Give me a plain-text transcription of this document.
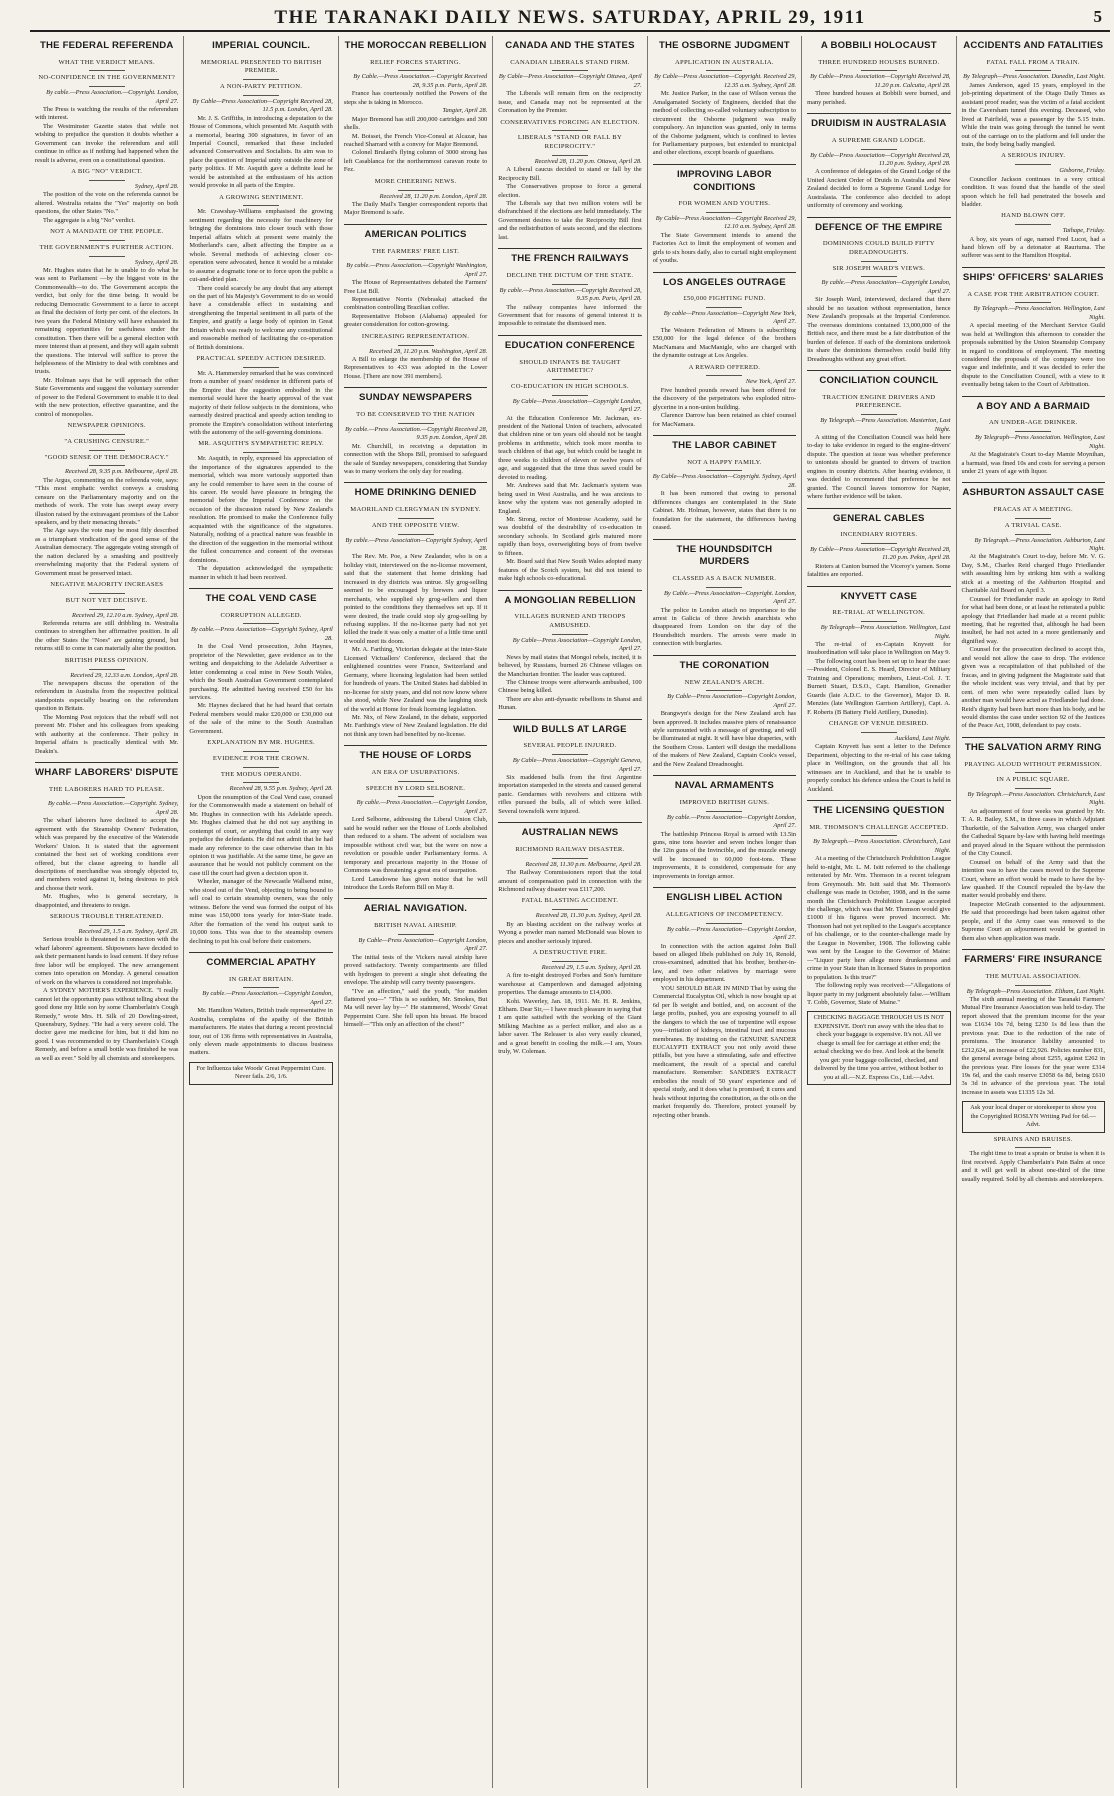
THE TARANAKI DAILY NEWS. SATURDAY, APRIL 29, 1911	5
THE FEDERAL REFERENDA
WHAT THE VERDICT MEANS.
NO-CONFIDENCE IN THE GOVERNMENT?
By cable.—Press Association.—Copyright. London, April 27.
The Press is watching the results of the referendum with interest.
The Westminster Gazette states that while not wishing to prejudice the question it doubts whether a Government can invoke the referendum and still continue in office as if nothing had happened when the result is adverse, even on a constitutional question.
A BIG "NO" VERDICT.
Sydney, April 28.
The position of the vote on the referenda cannot be altered. Westralia retains the "Yes" majority on both questions, the other States "No."
The aggregate is a big "No" verdict.
NOT A MANDATE OF THE PEOPLE.
THE GOVERNMENT'S FURTHER ACTION.
Sydney, April 28.
Mr. Hughes states that he is unable to do what he was sent to Parliament —by the biggest vote in the Commonwealth—to do. The Government accepts the verdict, but only for the time being. It would be reducing Democratic Government to a farce to accept as final the decision of forty per cent. of the electors. In two years the Federal Ministry will have exhausted its remaining opportunities for usefulness under the constitution. Then there will be a general election with more interest than at present, and they will again submit the questions. The interval will suffice to prove the helplessness of the Ministry to deal with combines and trusts.
Mr. Holman says that he will approach the other State Governments and suggest the voluntary surrender of power to the Federal Government to enable it to deal with the new protection, effective quarantine, and the control of monopolies.
NEWSPAPER OPINIONS.
"A CRUSHING CENSURE."
"GOOD SENSE OF THE DEMOCRACY."
Received 28, 9.35 p.m. Melbourne, April 28.
The Argus, commenting on the referenda vote, says: "This most emphatic verdict conveys a crushing censure on the Parliamentary majority and on the methods of work. The vote has swept away every illusion raised by the extravagant promises of the Labor speakers, and by their menacing threats."
The Age says the vote may be most fitly described as a triumphant vindication of the good sense of the Australian democracy. The aggregate voting strength of the nation declared by a smashing and positively overwhelming majority that the Federal system of Government must be preserved intact.
NEGATIVE MAJORITY INCREASES
BUT NOT YET DECISIVE.
Received 29, 12.10 a.m. Sydney, April 28.
Referenda returns are still dribbling in. Westralia continues to strengthen her affirmative position. In all the other States the "Noes" are gaining ground, but returns still to come in can materially alter the position.
BRITISH PRESS OPINION.
Received 29, 12.33 a.m. London, April 28.
The newspapers discuss the operation of the referendum in Australia from the respective political standpoints especially bearing on the referendum question in Britain.
The Morning Post rejoices that the rebuff will not prevent Mr. Fisher and his colleagues from speaking with authority at the conference. Their policy in Imperial affairs is practically identical with Mr. Deakin's.
WHARF LABORERS' DISPUTE
THE LABORERS HARD TO PLEASE.
By cable.—Press Association.—Copyright. Sydney, April 28.
The wharf laborers have declined to accept the agreement with the Steamship Owners' Federation, which was prepared by the executive of the Waterside Workers' Union. It is stated that the agreement contained the best set of working conditions ever offered, but the clause agreeing to handle all descriptions of merchandise was strongly objected to, and members voted against it, being desirous to pick and choose their work.
Mr. Hughes, who is general secretary, is disappointed, and threatens to resign.
SERIOUS TROUBLE THREATENED.
Received 29, 1.5 a.m. Sydney, April 28.
Serious trouble is threatened in connection with the wharf laborers' agreement. Shipowners have decided to ask their permanent hands to load cement. If they refuse free labor will be employed. The new arrangement comes into operation on Monday. A general cessation of work on the wharves is considered not improbable.
A SYDNEY MOTHER'S EXPERIENCE. "I really cannot let the opportunity pass without telling about the good done my little son by some Chamberlain's Cough Remedy," wrote Mrs. H. Silk of 20 Dowling-street, Queensbury, Sydney. "He had a very severe cold. The doctor gave me medicine for him, but it did him no good. I was recommended to try Chamberlain's Cough Remedy, and before a small bottle was finished he was as well as ever." Sold by all chemists and storekeepers.
IMPERIAL COUNCIL.
MEMORIAL PRESENTED TO BRITISH PREMIER.
A NON-PARTY PETITION.
By Cable—Press Association—Copyright Received 28, 11.5 p.m. London, April 28.
Mr. J. S. Griffiths, in introducing a deputation to the House of Commons, which presented Mr. Asquith with a memorial, bearing 300 signatures, in favor of an Imperial Council, remarked that these included advanced Conservatives and Socialists. Its aim was to place the question of Imperial unity outside the zone of party politics. If Mr. Asquith gave a definite lead he would be astonished at the enthusiasm of his action would provoke in all parts of the Empire.
A GROWING SENTIMENT.
Mr. Crawshay-Williams emphasised the growing sentiment regarding the necessity for machinery for bringing the dominions into closer touch with those Imperial affairs which at present were mainly the Motherland's care, albeit affecting the Empire as a whole. Several methods of achieving closer co-operation were advocated, hence it would be a mistake to assume a dogmatic tone or to force upon the public a cut-and-dried plan.
There could scarcely be any doubt that any attempt on the part of his Majesty's Government to do so would have a considerable effect in sustaining and strengthening the Imperial sentiment in all parts of the Empire, and gratify a large body of opinion in Great Britain which was ready to welcome any constitutional and reasonable method of facilitating the co-operation of British dominions.
PRACTICAL SPEEDY ACTION DESIRED.
Mr. A. Hammersley remarked that he was convinced from a number of years' residence in different parts of the Empire that the suggestion embodied in the memorial would have the hearty approval of the vast majority of their fellow subjects in the dominions, who earnestly desired practical and speedy action tending to promote the Empire's consolidation without interfering with the autonomy of the self-governing dominions.
MR. ASQUITH'S SYMPATHETIC REPLY.
Mr. Asquith, in reply, expressed his appreciation of the importance of the signatures appended to the memorial, which was more variously supported than any he could remember to have seen in the course of his career. He would have pleasure in bringing the memorial before the Imperial Conference on the occasion of the discussion raised by New Zealand's resolution. He promised to make the Conference fully acquainted with the significance of the signatures. Naturally, nothing of a practical nature was feasible in the direction of the suggestion in the memorial without the fullest concurrence and consent of the overseas dominions.
The deputation acknowledged the sympathetic manner in which it had been received.
THE COAL VEND CASE
CORRUPTION ALLEGED.
By cable.—Press Association—Copyright Sydney, April 28.
In the Coal Vend prosecution, John Haynes, proprietor of the Newsletter, gave evidence as to the writing and despatching to the Adelaide Advertiser a letter condemning a coal mine in New South Wales, which the South Australian Government contemplated purchasing. He admitted having received £50 for his services.
Mr. Haynes declared that he had heard that certain Federal members would make £20,000 or £30,000 out of the sale of the mine to the South Australian Government.
EXPLANATION BY MR. HUGHES.
EVIDENCE FOR THE CROWN.
THE MODUS OPERANDI.
Received 28, 9.55 p.m. Sydney, April 28.
Upon the resumption of the Coal Vend case, counsel for the Commonwealth made a statement on behalf of Mr. Hughes in connection with his Adelaide speech. Mr. Hughes claimed that he did not say anything in contempt of court, or anything that could in any way prejudice the defendants. He did not admit that he had made any reference to the case otherwise than in his opinion it was justifiable. At the same time, he gave an assurance that he would not publicly comment on the case till the court had given a decision upon it.
Wheeler, manager of the Newcastle Wallsend mine, who stood out of the Vend, objecting to being bound to sell coal to certain steamship owners, was the only witness. Before the vend was formed the output of his mine was 150,000 tons yearly for inter-State trade. After the formation of the vend his output sank to 10,000 tons. This was due to the steamship owners declining to put his coal before their customers.
COMMERCIAL APATHY
IN GREAT BRITAIN.
By cable.—Press Association.—Copyright London, April 27.
Mr. Hamilton Watters, British trade representative in Australia, complains of the apathy of the British manufacturers. He states that during a recent provincial tour, out of 136 firms with representatives in Australia, only eleven made appointments to discuss business matters.
For Influenza take Woods' Great Peppermint Cure. Never fails. 2/6, 1/6.
THE MOROCCAN REBELLION
RELIEF FORCES STARTING.
By Cable.—Press Association.—Copyright Received 28, 9.35 p.m. Paris, April 28.
France has courteously notified the Powers of the steps she is taking in Morocco.
Tangier, April 28.
Major Bremond has still 200,000 cartridges and 300 shells.
M. Boisset, the French Vice-Consul at Alcazar, has reached Sharrard with a convoy for Major Bremond.
Colonel Brulard's flying column of 3000 strong has left Casablanca for the northernmost caravan route to Fez.
MORE CHEERING NEWS.
Received 28, 11.20 p.m. London, April 28.
The Daily Mail's Tangier correspondent reports that Major Bremond is safe.
AMERICAN POLITICS
THE FARMERS' FREE LIST.
By cable.—Press Association.—Copyright Washington, April 27.
The House of Representatives debated the Farmers' Free List Bill.
Representative Norris (Nebraska) attacked the combination controlling Brazilian coffee.
Representative Hobson (Alabama) appealed for greater consideration for cotton-growing.
INCREASING REPRESENTATION.
Received 28, 11.20 p.m. Washington, April 28.
A Bill to enlarge the membership of the House of Representatives to 433 was adopted in the Lower House. [There are now 391 members].
SUNDAY NEWSPAPERS
TO BE CONSERVED TO THE NATION
By cable.—Press Association.—Copyright Received 28, 9.35 p.m. London, April 28.
Mr. Churchill, in receiving a deputation in connection with the Shops Bill, promised to safeguard the sale of Sunday newspapers, considering that Sunday was to many workers the only day for reading.
HOME DRINKING DENIED
MAORILAND CLERGYMAN IN SYDNEY.
AND THE OPPOSITE VIEW.
By cable.—Press Association—Copyright Sydney, April 28.
The Rev. Mr. Poe, a New Zealander, who is on a holiday visit, interviewed on the no-license movement, said that the statement that home drinking had increased in dry districts was untrue. Sly grog-selling seemed to be encouraged by brewers and liquor merchants, who supplied sly grog-sellers and then pointed to the conditions they themselves set up. If it were desired, the trade could stop sly grog-selling by refusing supplies. If the no-license party had not yet killed the trade it was only a matter of a little time until it would meet its doom.
Mr. A. Farthing, Victorian delegate at the inter-State Licensed Victuallers' Conference, declared that the enlightened countries were France, Switzerland and Germany, where licensing legislation had been settled for hundreds of years. The United States had dabbled in no-license for sixty years, and did not now know where she stood, while New Zealand was the laughing stock of the world at Home for freak licensing legislation.
Mr. Nix, of New Zealand, in the debate, supported Mr. Farthing's view of New Zealand legislation. He did not think any town had benefited by no-license.
THE HOUSE OF LORDS
AN ERA OF USURPATIONS.
SPEECH BY LORD SELBORNE.
By cable.—Press Association.—Copyright London, April 27.
Lord Selborne, addressing the Liberal Union Club, said he would rather see the House of Lords abolished than reduced to a sham. The advent of socialism was impossible without civil war, but the were on now a revolution or possible under Parliamentary forms. A temporary and precarious majority in the House of Commons was threatening a great era of usurpation.
Lord Lansdowne has given notice that he will introduce the Lords Reform Bill on May 8.
AERIAL NAVIGATION.
BRITISH NAVAL AIRSHIP.
By Cable—Press Association—Copyright London, April 27.
The initial tests of the Vickers naval airship have proved satisfactory. Twenty compartments are filled with hydrogen to prevent a single shot defeating the envelope. The airship will carry twenty passengers.
"I've an affection," said the youth, "for maiden flattered you—" "This is so sudden, Mr. Smokes, But Ma will never lay by—" He stammered, Woods' Great Peppermint Cure. She fell upon his breast. He braced himself—"This only an affection of the chest!"
CANADA AND THE STATES
CANADIAN LIBERALS STAND FIRM.
By Cable—Press Association—Copyright Ottawa, April 27.
The Liberals will remain firm on the reciprocity issue, and Canada may not be represented at the Coronation by the Premier.
CONSERVATIVES FORCING AN ELECTION.
LIBERALS "STAND OR FALL BY RECIPROCITY."
Received 28, 11.20 p.m. Ottawa, April 28.
A Liberal caucus decided to stand or fall by the Reciprocity Bill.
The Conservatives propose to force a general election.
The Liberals say that two million voters will be disfranchised if the elections are held immediately. The Government desires to take the Reciprocity Bill first and the redistribution of seats second, and the elections last.
THE FRENCH RAILWAYS
DECLINE THE DICTUM OF THE STATE.
By cable.—Press Association.—Copyright Received 28, 9.35 p.m. Paris, April 28.
The railway companies have informed the Government that for reasons of general interest it is impossible to reinstate the dismissed men.
EDUCATION CONFERENCE
SHOULD INFANTS BE TAUGHT ARITHMETIC?
CO-EDUCATION IN HIGH SCHOOLS.
By Cable—Press Association—Copyright London, April 27.
At the Education Conference Mr. Jackman, ex-president of the National Union of teachers, advocated that children nine or ten years old should not be taught problems in arithmetic, which took more months to teach children of that age, but which could be taught in three weeks to children of eleven or twelve years of age, and suggested that the time thus saved could be devoted to reading.
Mr. Andrews said that Mr. Jackman's system was being used in West Australia, and he was anxious to know why the system was not generally adopted in England.
Mr. Strong, rector of Montrose Academy, said he was doubtful of the desirability of co-education in secondary schools. In Scotland girls matured more rapidly than boys, overweighting boys of from twelve to fifteen.
Mr. Board said that New South Wales adopted many features of the Scotch system, but did not intend to make high schools co-educational.
A MONGOLIAN REBELLION
VILLAGES BURNED AND TROOPS AMBUSHED.
By Cable—Press Association—Copyright London, April 27.
News by mail states that Mongol rebels, incited, it is believed, by Russians, burned 26 Chinese villages on the Manchurian frontier. The leader was captured.
The Chinese troops were afterwards ambushed, 100 Chinese being killed.
There are also anti-dynastic rebellions in Shansi and Hunan.
WILD BULLS AT LARGE
SEVERAL PEOPLE INJURED.
By Cable—Press Association—Copyright Geneva, April 27.
Six maddened bulls from the first Argentine importation stampeded in the streets and caused general panic. Gendarmes with revolvers and citizens with rifles pursued the bulls, all of which were killed. Several townsfolk were injured.
AUSTRALIAN NEWS
RICHMOND RAILWAY DISASTER.
Received 28, 11.30 p.m. Melbourne, April 28.
The Railway Commissioners report that the total amount of compensation paid in connection with the Richmond railway disaster was £117,200.
FATAL BLASTING ACCIDENT.
Received 28, 11.30 p.m. Sydney, April 28.
By an blasting accident on the railway works at Wyong a powder man named McDonald was blown to pieces and another seriously injured.
A DESTRUCTIVE FIRE.
Received 29, 1.5 a.m. Sydney, April 28.
A fire to-night destroyed Forbes and Son's furniture warehouse at Camperdown and damaged adjoining properties. The damage amounts to £14,000.
Kohi. Waverley, Jan. 18, 1911. Mr. H. R. Jenkins, Eltham. Dear Sir,— I have much pleasure in saying that I am quite satisfied with the working of the Giant Milking Machine as a perfect milker, and also as a labor saver. The Releaser is also very easily cleaned, and a great benefit in cooling the milk.—I am, Yours truly, W. Coleman.
THE OSBORNE JUDGMENT
APPLICATION IN AUSTRALIA.
By Cable—Press Association—Copyright. Received 29, 12.35 a.m. Sydney, April 28.
Mr. Justice Parker, in the case of Wilson versus the Amalgamated Society of Engineers, decided that the method of collecting so-called voluntary subscription to circumvent the Osborne judgment was really compulsory. An injunction was granted, only in terms of the Osborne judgment, which is confined to levies for Parliamentary purposes, but extended to municipal and other elections, except boards of guardians.
IMPROVING LABOR CONDITIONS
FOR WOMEN AND YOUTHS.
By Cable—Press Association—Copyright Received 29, 12.10 a.m. Sydney, April 28.
The State Government intends to amend the Factories Act to limit the employment of women and girls to six hours daily, also to curtail night employment of youths.
LOS ANGELES OUTRAGE
£50,000 FIGHTING FUND.
By cable—Press Association—Copyright New York, April 27.
The Western Federation of Miners is subscribing £50,000 for the legal defence of the brothers MacNamara and MacManigle, who are charged with the dynamite outrage at Los Angeles.
A REWARD OFFERED.
New York, April 27.
Five hundred pounds reward has been offered for the discovery of the perpetrators who exploded nitro-glycerine in a non-union building.
Clarence Darrow has been retained as chief counsel for MacNamara.
THE LABOR CABINET
NOT A HAPPY FAMILY.
By Cable—Press Association—Copyright. Sydney, April 28.
It has been rumored that owing to personal differences changes are contemplated in the State Cabinet. Mr. Holman, however, states that there is no foundation for the statement, the differences having ceased.
THE HOUNDSDITCH MURDERS
CLASSED AS A BACK NUMBER.
By Cable.—Press Association—Copyright. London, April 27.
The police in London attach no importance to the arrest in Galicia of three Jewish anarchists who disappeared from London on the day of the Houndsditch murders. The arrests were made in connection with burglaries.
THE CORONATION
NEW ZEALAND'S ARCH.
By Cable—Press Association—Copyright London, April 27.
Brangwyn's design for the New Zealand arch has been approved. It includes massive piers of renaissance style surmounted with a message of greeting, and will be illuminated at night. It will have blue draperies, with the Southern Cross. Lanteri will design the medallions of the makers of New Zealand, Captain Cook's vessel, and the New Zealand Dreadnought.
NAVAL ARMAMENTS
IMPROVED BRITISH GUNS.
By cable.—Press Association—Copyright London, April 27.
The battleship Princess Royal is armed with 13.5in guns, nine tons heavier and seven inches longer than the 12in guns of the Invincible, and the muzzle energy will be increased to 60,000 foot-tons. These improvements, it is considered, compensate for any improvements in foreign armor.
ENGLISH LIBEL ACTION
ALLEGATIONS OF INCOMPETENCY.
By cable.—Press Association—Copyright London, April 27.
In connection with the action against John Bull based on alleged libels published on July 16, Renold, cross-examined, admitted that his brother, brother-in-law, and two other relatives by marriage were employed in his department.
YOU SHOULD BEAR IN MIND That by using the Commercial Eucalyptus Oil, which is now bought up at 6d per lb weight and bottled, and, on account of the large profits, pushed, you are exposing yourself to all the dangers to which the use of turpentine will expose you—irritation of kidneys, intestinal tract and mucous membranes. By insisting on the GENUINE SANDER EUCALYPTI EXTRACT you not only avoid these pitfalls, but you have a stimulating, safe and effective medicament, the result of a special and careful manufacture. Remember: SANDER'S EXTRACT embodies the result of 50 years' experience and of special study, and it does what is promised; it cures and heals without injuring the constitution, as the oils on the market frequently do. Therefore, protect yourself by rejecting other brands.
A BOBBILI HOLOCAUST
THREE HUNDRED HOUSES BURNED.
By Cable—Press Association—Copyright Received 28, 11.20 p.m. Calcutta, April 28.
Three hundred houses at Bobbili were burned, and many perished.
DRUIDISM IN AUSTRALASIA
A SUPREME GRAND LODGE.
By Cable—Press Association—Copyright Received 28, 11.20 p.m. Sydney, April 28.
A conference of delegates of the Grand Lodge of the United Ancient Order of Druids in Australia and New Zealand decided to form a Supreme Grand Lodge for Australasia. The conference also decided to adopt uniformity of ceremony and working.
DEFENCE OF THE EMPIRE
DOMINIONS COULD BUILD FIFTY DREADNOUGHTS.
SIR JOSEPH WARD'S VIEWS.
By cable.—Press Association—Copyright London, April 27.
Sir Joseph Ward, interviewed, declared that there should be no taxation without representation, hence New Zealand's proposals at the Imperial Conference. The overseas dominions contained 13,000,000 of the British race, and there must be a fair distribution of the burden of defence. If each of the dominions undertook its share the dominions themselves could build fifty Dreadnoughts without any great effort.
CONCILIATION COUNCIL
TRACTION ENGINE DRIVERS AND PREFERENCE.
By Telegraph.—Press Association. Masterton, Last Night.
A sitting of the Conciliation Council was held here to-day to take evidence in regard to the engine-drivers' dispute. The question at issue was whether preference to unionists should be granted to drivers of traction engines in country districts. After hearing evidence, it was decided to recommend that preference be not granted. The Council leaves tomorrow for Napier, where further evidence will be taken.
GENERAL CABLES
INCENDIARY RIOTERS.
By Cable—Press Association—Copyright Received 28, 11.20 p.m. Pekin, April 28.
Rioters at Canton burned the Viceroy's yamen. Some fatalities are reported.
KNYVETT CASE
RE-TRIAL AT WELLINGTON.
By Telegraph—Press Association. Wellington, Last Night.
The re-trial of ex-Captain Knyvett for insubordination will take place in Wellington on May 9.
The following court has been set up to hear the case:—President, Colonel E. S. Heard, Director of Military Training and Operations; members, Lieut.-Col. J. T. Burnett Stuart, D.S.O., Capt. Hamilton, Grenadier Guards (late A.D.C. to the Governor), Major D. R. Menzies (late Wellington Garrison Artillery), Capt. A. F. Roberts (B Battery Field Artillery, Dunedin).
CHANGE OF VENUE DESIRED.
Auckland, Last Night.
Captain Knyvett has sent a letter to the Defence Department, objecting to the re-trial of his case taking place in Wellington, on the grounds that all his witnesses are in Auckland, and that he is unable to properly conduct his defence unless the Court is held in Auckland.
THE LICENSING QUESTION
MR. THOMSON'S CHALLENGE ACCEPTED.
By Telegraph.—Press Association. Christchurch, Last Night.
At a meeting of the Christchurch Prohibition League held to-night, Mr. L. M. Isitt referred to the challenge reiterated by Mr. Wm. Thomson in a recent telegram from Greymouth. Mr. Isitt said that Mr. Thomson's challenge was made in October, 1908, and in the same month the Christchurch Prohibition League accepted the challenge, which was that Mr. Thomson would give £1000 if his figures were proved incorrect. Mr. Thomson had not yet replied to the League's acceptance of his challenge, or to the counter-challenge made by the League in November, 1908. The following cable was sent by the League to the Governor of Maine:—"Liquor party here allege more drunkenness and crime in your State than in licensed States in proportion to population. Is this true?"
The following reply was received:—"Allegations of liquor party in my judgment absolutely false.—William T. Cobb, Governor, State of Maine."
CHECKING BAGGAGE THROUGH US IS NOT EXPENSIVE. Don't run away with the idea that to check your baggage is expensive. It's not. All we charge is small fee for carriage at either end; the actual checking we do free. And look at the benefit you get: your baggage collected, checked, and delivered by the time you arrive, without bother to you at all.—N.Z. Express Co., Ltd.—Advt.
ACCIDENTS AND FATALITIES
FATAL FALL FROM A TRAIN.
By Telegraph—Press Association. Dunedin, Last Night.
James Anderson, aged 15 years, employed in the job-printing department of the Otago Daily Times as assistant proof reader, was the victim of a fatal accident in the Caversham tunnel this evening. Deceased, who lived at Fairfield, was a passenger by the 5.15 train. While the train was going through the tunnel he went out of the carriage on to the platform and fell under the train, the body being badly mangled.
A SERIOUS INJURY.
Gisborne, Friday.
Councillor Jackson continues in a very critical condition. It was found that the handle of the steel spoon which he fell had penetrated the bowels and bladder.
HAND BLOWN OFF.
Taihape, Friday.
A boy, six years of age, named Fred Lucot, had a hand blown off by a detonator at Rauriuma. The sufferer was sent to the Hamilton Hospital.
SHIPS' OFFICERS' SALARIES
A CASE FOR THE ARBITRATION COURT.
By Telegraph.—Press Association. Wellington, Last Night.
A special meeting of the Merchant Service Guild was held at Wellington this afternoon to consider the proposals submitted by the Union Steamship Company in regard to conditions of employment. The meeting considered the proposals of the company were too vague and indefinite, and it was decided to refer the dispute to the Conciliation Council, with a view to it eventually being taken to the Court of Arbitration.
A BOY AND A BARMAID
AN UNDER-AGE DRINKER.
By Telegraph—Press Association. Wellington, Last Night.
At the Magistrate's Court to-day Mamie Moynihan, a barmaid, was fined 10s and costs for serving a person under 21 years of age with liquor.
ASHBURTON ASSAULT CASE
FRACAS AT A MEETING.
A TRIVIAL CASE.
By Telegraph.—Press Association. Ashburton, Last Night.
At the Magistrate's Court to-day, before Mr. V. G. Day, S.M., Charles Reid charged Hugo Friedlander with assaulting him by striking him with a walking stick at a meeting of the Ashburton Hospital and Charitable Aid Board on April 3.
Counsel for Friedlander made an apology to Reid for what had been done, or at least he reiterated a public apology that Friedlander had made at a recent public meeting, that he regretted that, although he had been insulted, he had not acted in a more gentlemanly and dignified way.
Counsel for the prosecution declined to accept this, and would not allow the case to drop. The evidence given was a recapitulation of that published of the fracas, and in giving judgment the Magistrate said that the whole incident was very trivial, and that by per cent. of men who were repeatedly called liars by another man would have acted as Friedlander had done. Reid's dignity had been hurt more than his body, and he would dismiss the case under section 92 of the Justices of the Peace Act, 1908, defendant to pay costs.
THE SALVATION ARMY RING
PRAYING ALOUD WITHOUT PERMISSION.
IN A PUBLIC SQUARE.
By Telegraph.—Press Association. Christchurch, Last Night.
An adjournment of four weeks was granted by Mr. T. A. R. Bailey, S.M., in three cases in which Adjutant Thurkettle, of the Salvation Army, was charged under the Cathedral Square by-law with having held meetings and prayed aloud in the Square without the permission of the City Council.
Counsel on behalf of the Army said that the intention was to have the cases moved to the Supreme Court, where an effort would be made to have the by-law quashed. If the Council repealed the by-law the matter would probably end there.
Inspector McGrath consented to the adjournment. He said that proceedings had been taken against other people, and if the Army case was removed to the Supreme Court an adjournment would be granted in them also when application was made.
FARMERS' FIRE INSURANCE
THE MUTUAL ASSOCIATION.
By Telegraph—Press Association. Eltham, Last Night.
The sixth annual meeting of the Taranaki Farmers' Mutual Fire Insurance Association was held to-day. The report showed that the premium income for the year was £1634 10s 7d, being £230 1s 8d less than the previous year. Due to the reduction of the rate of premiums. The insurance liability amounted to £212,624, an increase of £22,926. Policies number 831, the general average being about £255, against £262 in the previous year. Fire losses for the year were £314 19s 6d, and the cash reserve £3058 6s 8d, being £610 3s 3d in advance of the previous year. The total increase in assets was £1335 12s 3d.
Ask your local draper or storekeeper to show you the Copyrighted ROSLYN Writing Pad for 6d.—Advt.
SPRAINS AND BRUISES.
The right time to treat a sprain or bruise is when it is first received. Apply Chamberlain's Pain Balm at once and it will get well in about one-third of the time usually required. Sold by all chemists and storekeepers.
